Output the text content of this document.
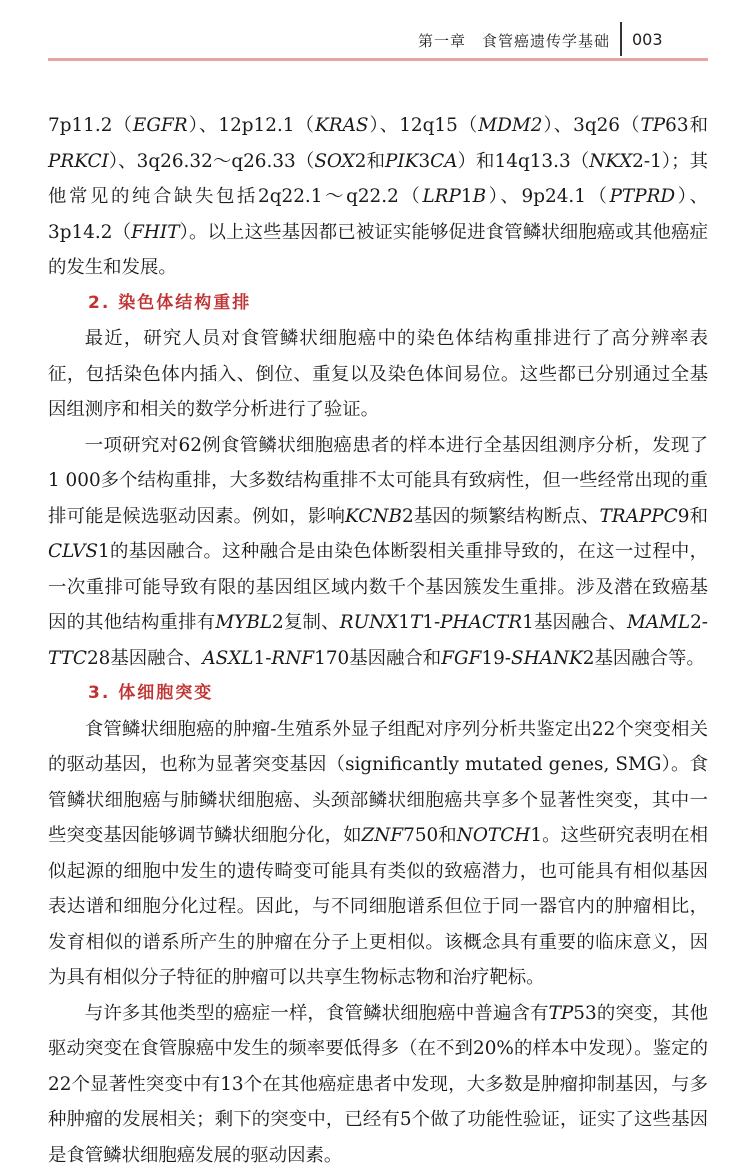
第一章　食管癌遗传学基础 003

7p11.2（EGFR）、12p12.1（KRAS）、12q15（MDM2）、3q26（TP63和PRKCI）、3q26.32～q26.33（SOX2和PIK3CA）和14q13.3（NKX2-1）；其他常见的纯合缺失包括2q22.1～q22.2（LRP1B）、9p24.1（PTPRD）、3p14.2（FHIT）。以上这些基因都已被证实能够促进食管鳞状细胞癌或其他癌症的发生和发展。

2. 染色体结构重排

最近，研究人员对食管鳞状细胞癌中的染色体结构重排进行了高分辨率表征，包括染色体内插入、倒位、重复以及染色体间易位。这些都已分别通过全基因组测序和相关的数学分析进行了验证。

一项研究对62例食管鳞状细胞癌患者的样本进行全基因组测序分析，发现了1 000多个结构重排，大多数结构重排不太可能具有致病性，但一些经常出现的重排可能是候选驱动因素。例如，影响KCNB2基因的频繁结构断点、TRAPPC9和CLVS1的基因融合。这种融合是由染色体断裂相关重排导致的，在这一过程中，一次重排可能导致有限的基因组区域内数千个基因簇发生重排。涉及潜在致癌基因的其他结构重排有MYBL2复制、RUNX1T1-PHACTR1基因融合、MAML2-TTC28基因融合、ASXL1-RNF170基因融合和FGF19-SHANK2基因融合等。

3. 体细胞突变

食管鳞状细胞癌的肿瘤-生殖系外显子组配对序列分析共鉴定出22个突变相关的驱动基因，也称为显著突变基因（significantly mutated genes, SMG）。食管鳞状细胞癌与肺鳞状细胞癌、头颈部鳞状细胞癌共享多个显著性突变，其中一些突变基因能够调节鳞状细胞分化，如ZNF750和NOTCH1。这些研究表明在相似起源的细胞中发生的遗传畸变可能具有类似的致癌潜力，也可能具有相似基因表达谱和细胞分化过程。因此，与不同细胞谱系但位于同一器官内的肿瘤相比，发育相似的谱系所产生的肿瘤在分子上更相似。该概念具有重要的临床意义，因为具有相似分子特征的肿瘤可以共享生物标志物和治疗靶标。

与许多其他类型的癌症一样，食管鳞状细胞癌中普遍含有TP53的突变，其他驱动突变在食管腺癌中发生的频率要低得多（在不到20%的样本中发现）。鉴定的22个显著性突变中有13个在其他癌症患者中发现，大多数是肿瘤抑制基因，与多种肿瘤的发展相关；剩下的突变中，已经有5个做了功能性验证，证实了这些基因是食管鳞状细胞癌发展的驱动因素。
